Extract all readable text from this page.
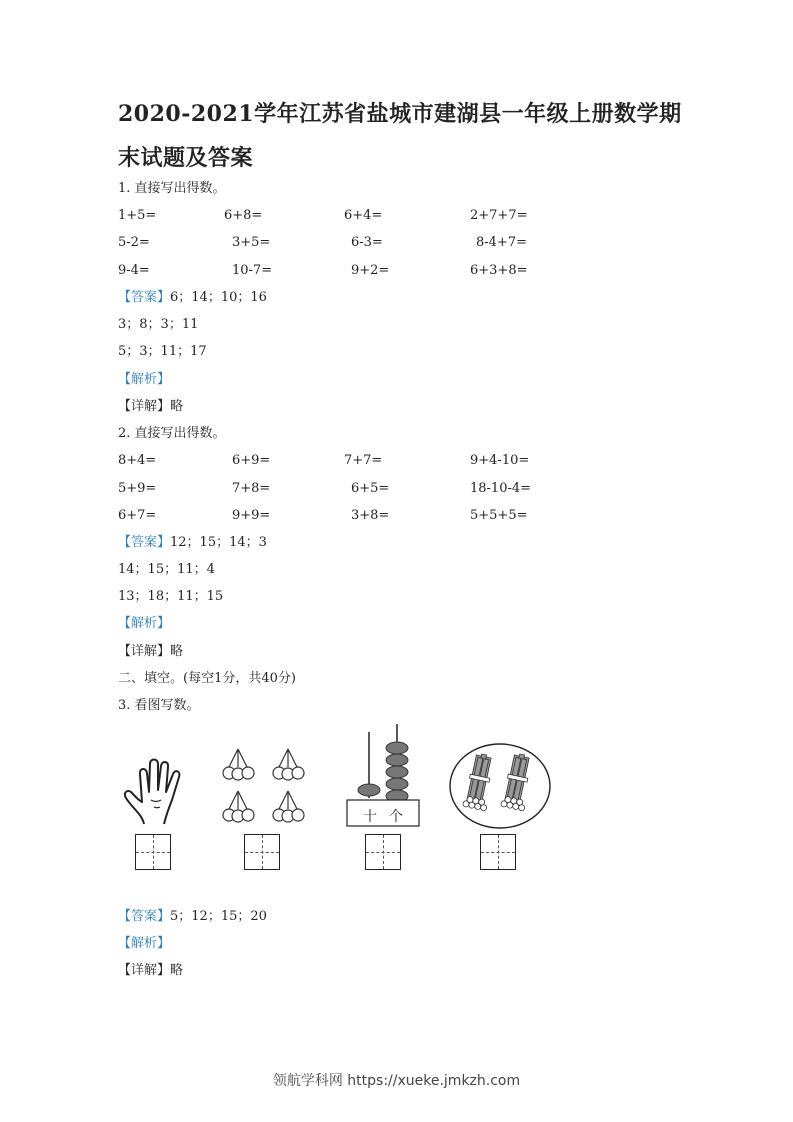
2020-2021学年江苏省盐城市建湖县一年级上册数学期末试题及答案
1. 直接写出得数。
1+5=	6+8=	6+4=	2+7+7=
5-2=	3+5=	6-3=	8-4+7=
9-4=	10-7=	9+2=	6+3+8=
【答案】6；14；10；16
3；8；3；11
5；3；11；17
【解析】
【详解】略
2. 直接写出得数。
8+4=	6+9=	7+7=	9+4-10=
5+9=	7+8=	6+5=	18-10-4=
6+7=	9+9=	3+8=	5+5+5=
【答案】12；15；14；3
14；15；11；4
13；18；11；15
【解析】
【详解】略
二、填空。(每空1分，共40分)
3. 看图写数。
十 个
【答案】5；12；15；20
【解析】
【详解】略
领航学科网 https://xueke.jmkzh.com
